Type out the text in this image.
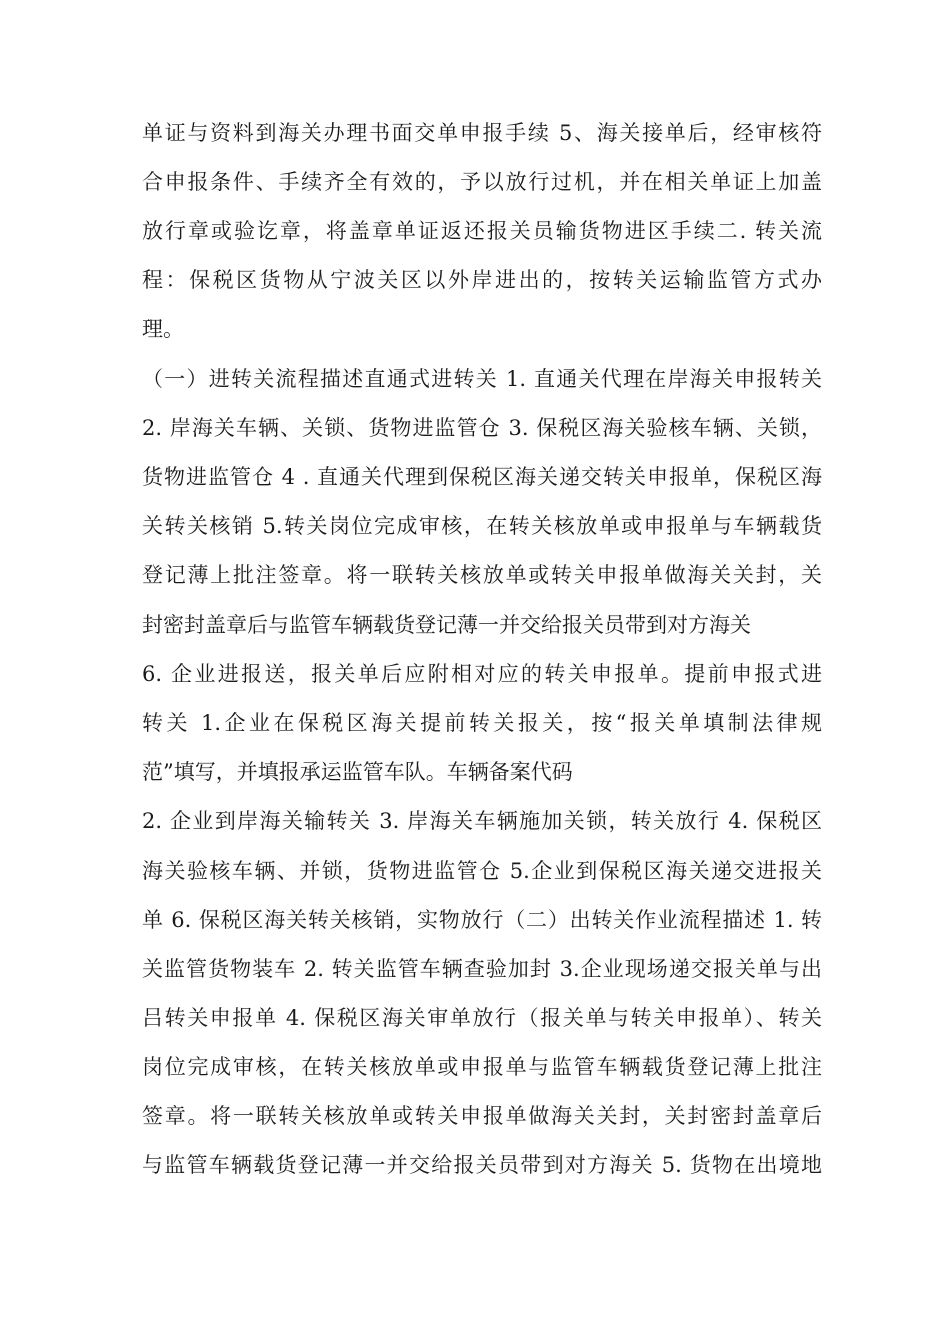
单证与资料到海关办理书面交单申报手续 5、海关接单后，经审核符
合申报条件、手续齐全有效的，予以放行过机，并在相关单证上加盖
放行章或验讫章，将盖章单证返还报关员输货物进区手续二. 转关流
程：保税区货物从宁波关区以外岸进出的，按转关运输监管方式办
理。
（一）进转关流程描述直通式进转关 1. 直通关代理在岸海关申报转关
2. 岸海关车辆、关锁、货物进监管仓 3. 保税区海关验核车辆、关锁，
货物进监管仓 4 . 直通关代理到保税区海关递交转关申报单，保税区海
关转关核销 5.转关岗位完成审核，在转关核放单或申报单与车辆载货
登记薄上批注签章。将一联转关核放单或转关申报单做海关关封，关
封密封盖章后与监管车辆载货登记薄一并交给报关员带到对方海关
6. 企业进报送，报关单后应附相对应的转关申报单。提前申报式进
转关 1.企业在保税区海关提前转关报关，按“报关单填制法律规
范”填写，并填报承运监管车队。车辆备案代码
2. 企业到岸海关输转关 3. 岸海关车辆施加关锁，转关放行 4. 保税区
海关验核车辆、并锁，货物进监管仓 5.企业到保税区海关递交进报关
单 6. 保税区海关转关核销，实物放行（二）出转关作业流程描述 1. 转
关监管货物装车 2. 转关监管车辆查验加封 3.企业现场递交报关单与出
吕转关申报单 4. 保税区海关审单放行（报关单与转关申报单）、转关
岗位完成审核，在转关核放单或申报单与监管车辆载货登记薄上批注
签章。将一联转关核放单或转关申报单做海关关封，关封密封盖章后
与监管车辆载货登记薄一并交给报关员带到对方海关 5. 货物在出境地
